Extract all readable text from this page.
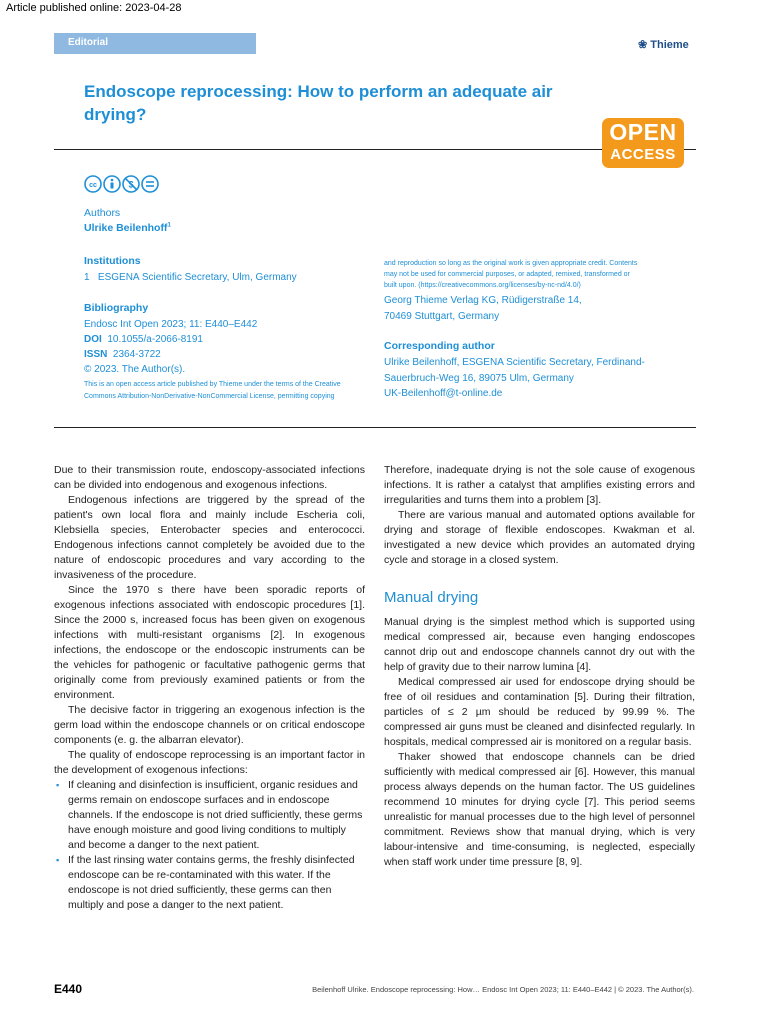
Article published online: 2023-04-28
Editorial	❀ Thieme
Endoscope reprocessing: How to perform an adequate air drying?
OPEN
ACCESS
cc	$
Authors
Ulrike Beilenhoff$^1$
Institutions
1 ESGENA Scientific Secretary, Ulm, Germany
Bibliography
Endosc Int Open 2023; 11: E440–E442
DOI 10.1055/a-2066-8191
ISSN 2364-3722
© 2023. The Author(s).
This is an open access article published by Thieme under the terms of the Creative
Commons Attribution-NonDerivative-NonCommercial License, permitting copying
and reproduction so long as the original work is given appropriate credit. Contents
may not be used for commercial purposes, or adapted, remixed, transformed or
built upon. (https://creativecommons.org/licenses/by-nc-nd/4.0/)
Georg Thieme Verlag KG, Rüdigerstraße 14,
70469 Stuttgart, Germany
Corresponding author
Ulrike Beilenhoff, ESGENA Scientific Secretary, Ferdinand-
Sauerbruch-Weg 16, 89075 Ulm, Germany
UK-Beilenhoff@t-online.de

Due to their transmission route, endoscopy-associated infections can be divided into endogenous and exogenous infections.

Endogenous infections are triggered by the spread of the patient's own local flora and mainly include Escheria coli, Klebsiella species, Enterobacter species and enterococci. Endogenous infections cannot completely be avoided due to the nature of endoscopic procedures and vary according to the invasiveness of the procedure.

Since the 1970 s there have been sporadic reports of exogenous infections associated with endoscopic procedures [1]. Since the 2000 s, increased focus has been given on exogenous infections with multi-resistant organisms [2]. In exogenous infections, the endoscope or the endoscopic instruments can be the vehicles for pathogenic or facultative pathogenic germs that originally come from previously examined patients or from the environment.

The decisive factor in triggering an exogenous infection is the germ load within the endoscope channels or on critical endoscope components (e. g. the albarran elevator).

The quality of endoscope reprocessing is an important factor in the development of exogenous infections:

▪ If cleaning and disinfection is insufficient, organic residues and germs remain on endoscope surfaces and in endoscope channels. If the endoscope is not dried sufficiently, these germs have enough moisture and good living conditions to multiply and become a danger to the next patient.
▪ If the last rinsing water contains germs, the freshly disinfected endoscope can be re-contaminated with this water. If the endoscope is not dried sufficiently, these germs can then multiply and pose a danger to the next patient.

Therefore, inadequate drying is not the sole cause of exogenous infections. It is rather a catalyst that amplifies existing errors and irregularities and turns them into a problem [3].

There are various manual and automated options available for drying and storage of flexible endoscopes. Kwakman et al. investigated a new device which provides an automated drying cycle and storage in a closed system.

Manual drying

Manual drying is the simplest method which is supported using medical compressed air, because even hanging endoscopes cannot drip out and endoscope channels cannot dry out with the help of gravity due to their narrow lumina [4].

Medical compressed air used for endoscope drying should be free of oil residues and contamination [5]. During their filtration, particles of ≤ 2 µm should be reduced by 99.99 %. The compressed air guns must be cleaned and disinfected regularly. In hospitals, medical compressed air is monitored on a regular basis.

Thaker showed that endoscope channels can be dried sufficiently with medical compressed air [6]. However, this manual process always depends on the human factor. The US guidelines recommend 10 minutes for drying cycle [7]. This period seems unrealistic for manual processes due to the high level of personnel commitment. Reviews show that manual drying, which is very labour-intensive and time-consuming, is neglected, especially when staff work under time pressure [8, 9].

E440	Beilenhoff Ulrike. Endoscope reprocessing: How… Endosc Int Open 2023; 11: E440–E442 | © 2023. The Author(s).
